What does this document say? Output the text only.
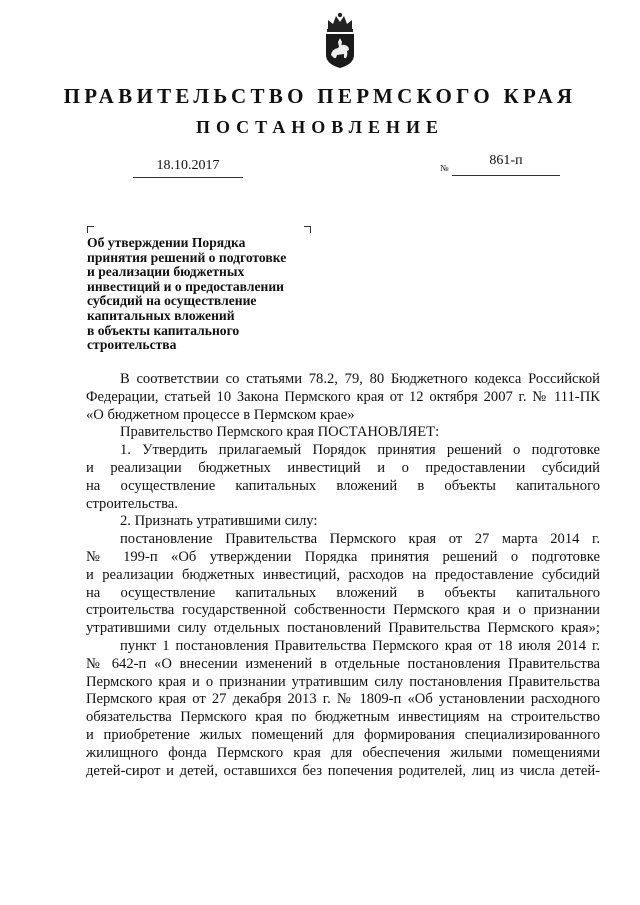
ПРАВИТЕЛЬСТВО ПЕРМСКОГО КРАЯ
ПОСТАНОВЛЕНИЕ
18.10.2017	№	861-п

Об утверждении Порядка
принятия решений о подготовке
и реализации бюджетных
инвестиций и о предоставлении
субсидий на осуществление
капитальных вложений
в объекты капитального
строительства

В соответствии со статьями 78.2, 79, 80 Бюджетного кодекса Российской
Федерации, статьей 10 Закона Пермского края от 12 октября 2007 г. № 111-ПК
«О бюджетном процессе в Пермском крае»
Правительство Пермского края ПОСТАНОВЛЯЕТ:
1. Утвердить прилагаемый Порядок принятия решений о подготовке
и реализации бюджетных инвестиций и о предоставлении субсидий
на осуществление капитальных вложений в объекты капитального
строительства.
2. Признать утратившими силу:
постановление Правительства Пермского края от 27 марта 2014 г.
№ 199-п «Об утверждении Порядка принятия решений о подготовке
и реализации бюджетных инвестиций, расходов на предоставление субсидий
на осуществление капитальных вложений в объекты капитального
строительства государственной собственности Пермского края и о признании
утратившими силу отдельных постановлений Правительства Пермского края»;
пункт 1 постановления Правительства Пермского края от 18 июля 2014 г.
№ 642-п «О внесении изменений в отдельные постановления Правительства
Пермского края и о признании утратившим силу постановления Правительства
Пермского края от 27 декабря 2013 г. № 1809-п «Об установлении расходного
обязательства Пермского края по бюджетным инвестициям на строительство
и приобретение жилых помещений для формирования специализированного
жилищного фонда Пермского края для обеспечения жилыми помещениями
детей-сирот и детей, оставшихся без попечения родителей, лиц из числа детей-
